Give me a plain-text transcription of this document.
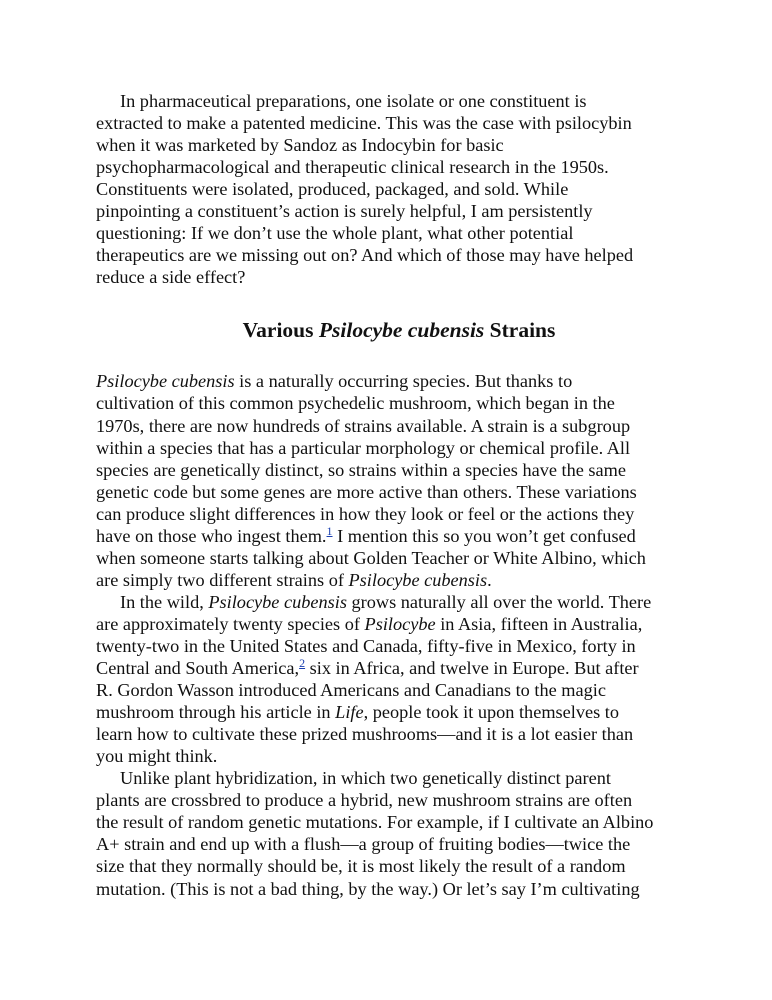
In pharmaceutical preparations, one isolate or one constituent is
extracted to make a patented medicine. This was the case with psilocybin
when it was marketed by Sandoz as Indocybin for basic
psychopharmacological and therapeutic clinical research in the 1950s.
Constituents were isolated, produced, packaged, and sold. While
pinpointing a constituent’s action is surely helpful, I am persistently
questioning: If we don’t use the whole plant, what other potential
therapeutics are we missing out on? And which of those may have helped
reduce a side effect?

Various Psilocybe cubensis Strains

Psilocybe cubensis is a naturally occurring species. But thanks to
cultivation of this common psychedelic mushroom, which began in the
1970s, there are now hundreds of strains available. A strain is a subgroup
within a species that has a particular morphology or chemical profile. All
species are genetically distinct, so strains within a species have the same
genetic code but some genes are more active than others. These variations
can produce slight differences in how they look or feel or the actions they
have on those who ingest them.$^1$ I mention this so you won’t get confused
when someone starts talking about Golden Teacher or White Albino, which
are simply two different strains of Psilocybe cubensis.

In the wild, Psilocybe cubensis grows naturally all over the world. There
are approximately twenty species of Psilocybe in Asia, fifteen in Australia,
twenty-two in the United States and Canada, fifty-five in Mexico, forty in
Central and South America,$^2$ six in Africa, and twelve in Europe. But after
R. Gordon Wasson introduced Americans and Canadians to the magic
mushroom through his article in Life, people took it upon themselves to
learn how to cultivate these prized mushrooms—and it is a lot easier than
you might think.

Unlike plant hybridization, in which two genetically distinct parent
plants are crossbred to produce a hybrid, new mushroom strains are often
the result of random genetic mutations. For example, if I cultivate an Albino
A+ strain and end up with a flush—a group of fruiting bodies—twice the
size that they normally should be, it is most likely the result of a random
mutation. (This is not a bad thing, by the way.) Or let’s say I’m cultivating
